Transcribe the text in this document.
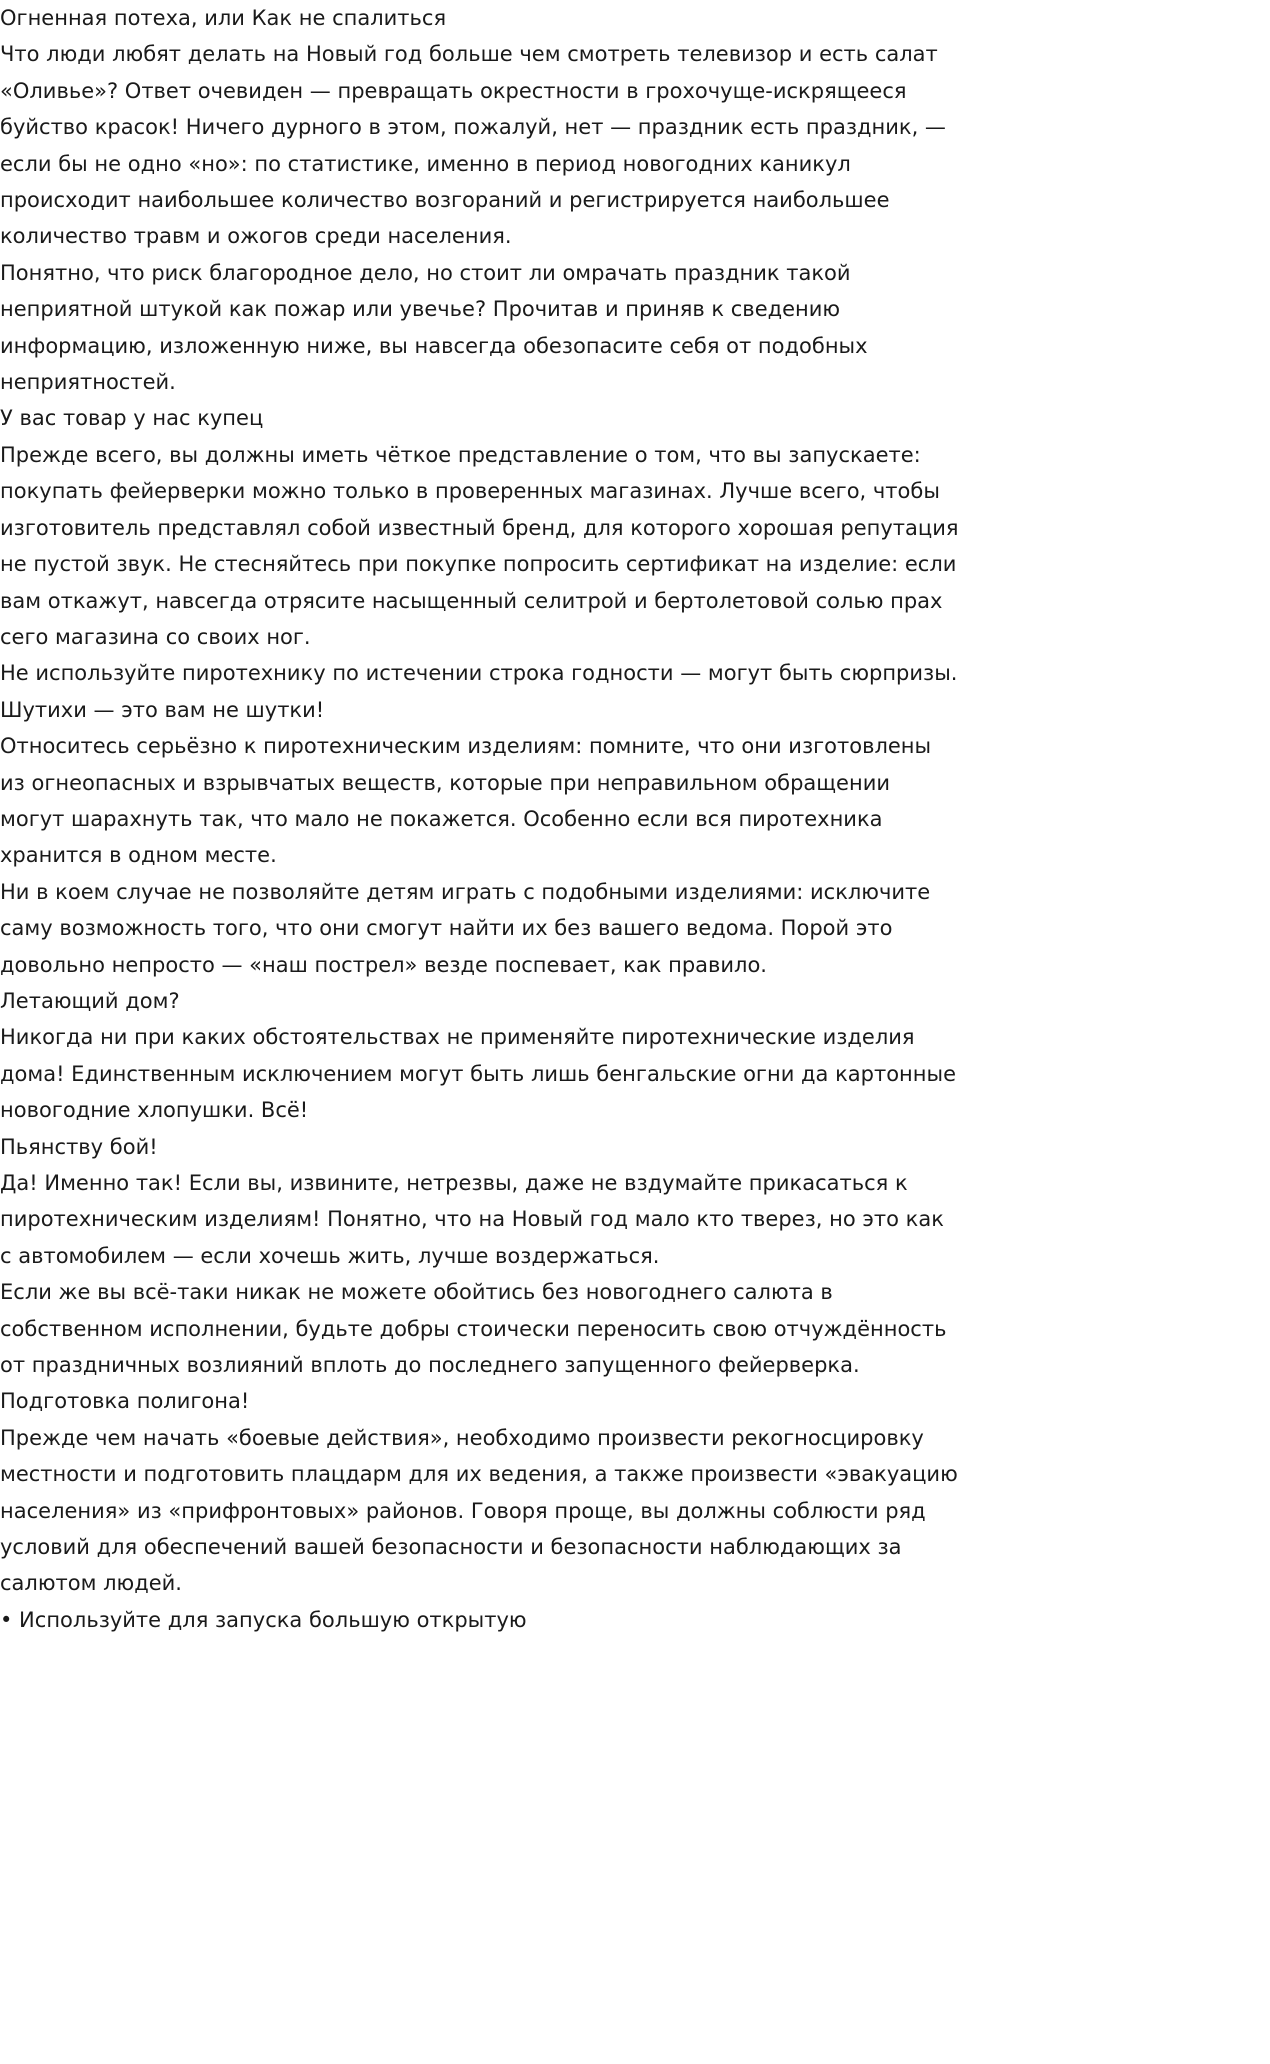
Огненная потеха, или Как не спалиться

Что люди любят делать на Новый год больше чем смотреть телевизор и есть салат «Оливье»? Ответ очевиден — превращать окрестности в грохочуще-искрящееся буйство красок! Ничего дурного в этом, пожалуй, нет — праздник есть праздник, — если бы не одно «но»: по статистике, именно в период новогодних каникул происходит наибольшее количество возгораний и регистрируется наибольшее количество травм и ожогов среди населения.

Понятно, что риск благородное дело, но стоит ли омрачать праздник такой неприятной штукой как пожар или увечье? Прочитав и приняв к сведению информацию, изложенную ниже, вы навсегда обезопасите себя от подобных неприятностей.

У вас товар у нас купец

Прежде всего, вы должны иметь чёткое представление о том, что вы запускаете: покупать фейерверки можно только в проверенных магазинах. Лучше всего, чтобы изготовитель представлял собой известный бренд, для которого хорошая репутация не пустой звук. Не стесняйтесь при покупке попросить сертификат на изделие: если вам откажут, навсегда отрясите насыщенный селитрой и бертолетовой солью прах сего магазина со своих ног.

Не используйте пиротехнику по истечении строка годности — могут быть сюрпризы.

Шутихи — это вам не шутки!

Относитесь серьёзно к пиротехническим изделиям: помните, что они изготовлены из огнеопасных и взрывчатых веществ, которые при неправильном обращении могут шарахнуть так, что мало не покажется. Особенно если вся пиротехника хранится в одном месте.

Ни в коем случае не позволяйте детям играть с подобными изделиями: исключите саму возможность того, что они смогут найти их без вашего ведома. Порой это довольно непросто — «наш пострел» везде поспевает, как правило.

Летающий дом?

Никогда ни при каких обстоятельствах не применяйте пиротехнические изделия дома! Единственным исключением могут быть лишь бенгальские огни да картонные новогодние хлопушки. Всё!

Пьянству бой!

Да! Именно так! Если вы, извините, нетрезвы, даже не вздумайте прикасаться к пиротехническим изделиям! Понятно, что на Новый год мало кто тверез, но это как с автомобилем — если хочешь жить, лучше воздержаться.

Если же вы всё-таки никак не можете обойтись без новогоднего салюта в собственном исполнении, будьте добры стоически переносить свою отчуждённость от праздничных возлияний вплоть до последнего запущенного фейерверка.

Подготовка полигона!

Прежде чем начать «боевые действия», необходимо произвести рекогносцировку местности и подготовить плацдарм для их ведения, а также произвести «эвакуацию населения» из «прифронтовых» районов. Говоря проще, вы должны соблюсти ряд условий для обеспечений вашей безопасности и безопасности наблюдающих за салютом людей.

• Используйте для запуска большую открытую
